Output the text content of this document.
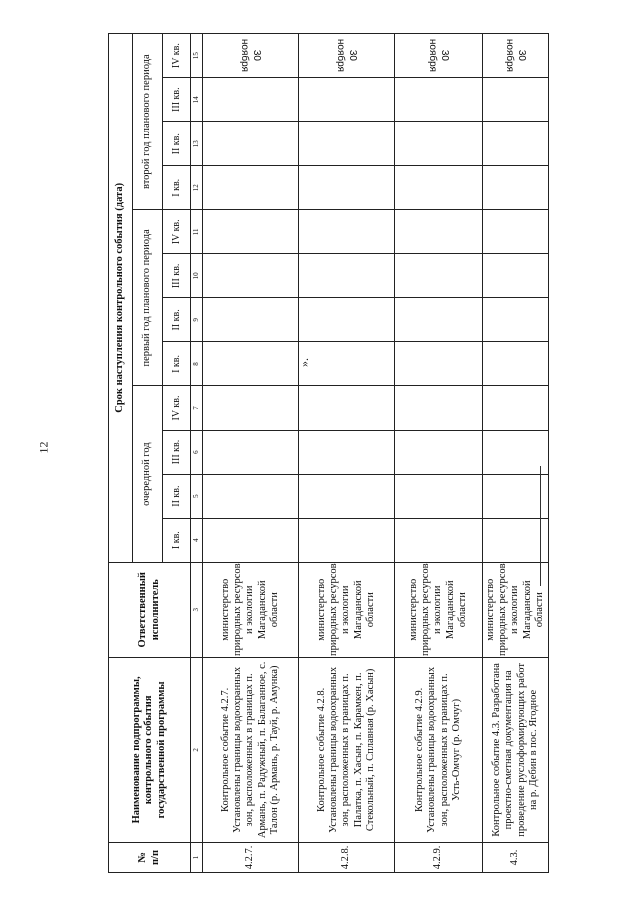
12
№
п/п	Наименование подпрограммы, контрольного события государственной программы	Ответственный исполнитель	Срок наступления контрольного события (дата)											
			очередной год				первый год планового периода				второй год планового периода			
			I кв.	II кв.	III кв.	IV кв.	I кв.	II кв.	III кв.	IV кв.	I кв.	II кв.	III кв.	IV кв.
1	2	3	4	5	6	7	8	9	10	11	12	13	14	15
4.2.7.	Контрольное событие 4.2.7. Установлены границы водоохранных зон, расположенных в границах п. Армань, п. Радужный, п. Балаганное, с. Талон (р. Армань, р. Тауй, р. Амунка)	министерство природных ресурсов и экологии Магаданской области												30 ноября
4.2.8.	Контрольное событие 4.2.8. Установлены границы водоохранных зон, расположенных в границах п. Палатка, п. Хасын, п. Карамкен, п. Стекольный, п. Сплавная (р. Хасын)	министерство природных ресурсов и экологии Магаданской области												30 ноября
4.2.9.	Контрольное событие 4.2.9. Установлены границы водоохранных зон, расположенных в границах п. Усть-Омчуг (р. Омчуг)	министерство природных ресурсов и экологии Магаданской области												30 ноября
4.3.	Контрольное событие 4.3. Разработана проектно-сметная документация на проведение руслоформирующих работ на р. Дебин в пос. Ягодное	министерство природных ресурсов и экологии Магаданской области												30 ноября
».
